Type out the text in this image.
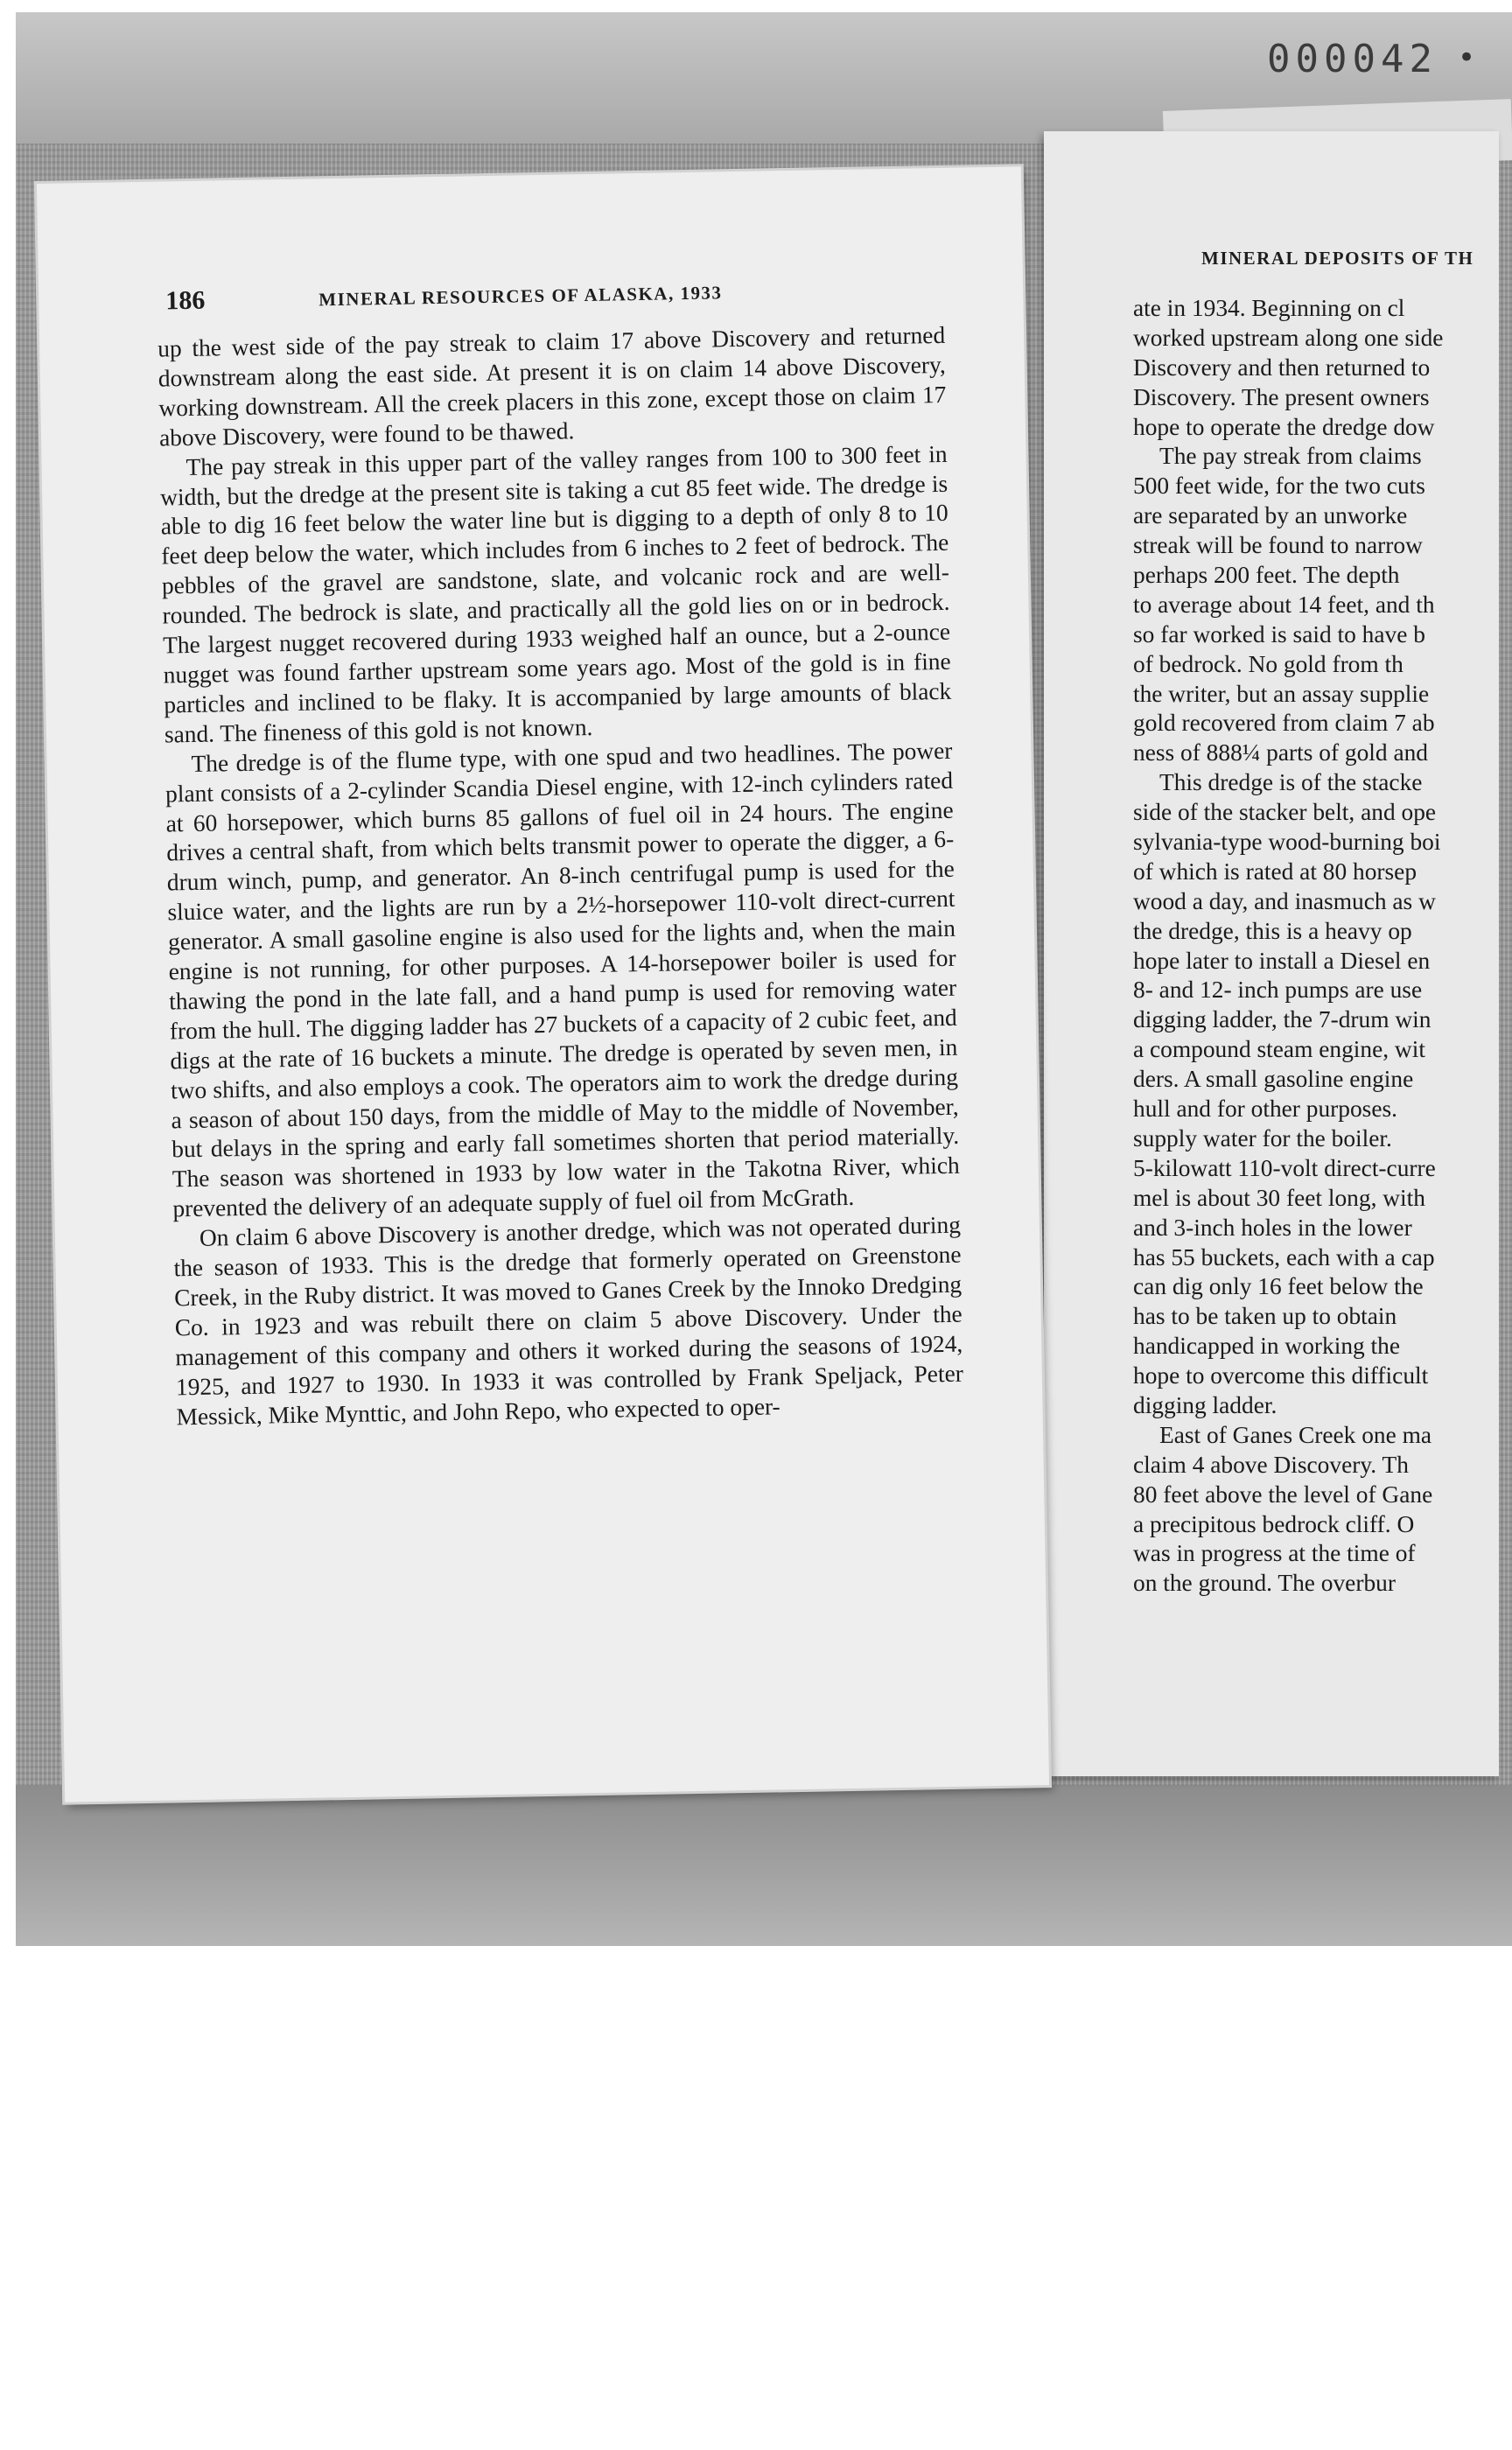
000042 •
MINERAL DEPOSITS OF TH
ate in 1934. Beginning on cl
worked upstream along one side
Discovery and then returned to
Discovery. The present owners
hope to operate the dredge dow
The pay streak from claims
500 feet wide, for the two cuts
are separated by an unworke
streak will be found to narrow
perhaps 200 feet. The depth
to average about 14 feet, and th
so far worked is said to have b
of bedrock. No gold from th
the writer, but an assay supplie
gold recovered from claim 7 ab
ness of 888¼ parts of gold and
This dredge is of the stacke
side of the stacker belt, and ope
sylvania-type wood-burning boi
of which is rated at 80 horsep
wood a day, and inasmuch as w
the dredge, this is a heavy op
hope later to install a Diesel en
8- and 12- inch pumps are use
digging ladder, the 7-drum win
a compound steam engine, wit
ders. A small gasoline engine
hull and for other purposes.
supply water for the boiler.
5-kilowatt 110-volt direct-curre
mel is about 30 feet long, with
and 3-inch holes in the lower
has 55 buckets, each with a cap
can dig only 16 feet below the
has to be taken up to obtain
handicapped in working the
hope to overcome this difficult
digging ladder.
East of Ganes Creek one ma
claim 4 above Discovery. Th
80 feet above the level of Gane
a precipitous bedrock cliff. O
was in progress at the time of
on the ground. The overbur
186	MINERAL RESOURCES OF ALASKA, 1933

up the west side of the pay streak to claim 17 above Discovery and returned downstream along the east side. At present it is on claim 14 above Discovery, working downstream. All the creek placers in this zone, except those on claim 17 above Discovery, were found to be thawed.

The pay streak in this upper part of the valley ranges from 100 to 300 feet in width, but the dredge at the present site is taking a cut 85 feet wide. The dredge is able to dig 16 feet below the water line but is digging to a depth of only 8 to 10 feet deep below the water, which includes from 6 inches to 2 feet of bedrock. The pebbles of the gravel are sandstone, slate, and volcanic rock and are well-rounded. The bedrock is slate, and practically all the gold lies on or in bedrock. The largest nugget recovered during 1933 weighed half an ounce, but a 2-ounce nugget was found farther upstream some years ago. Most of the gold is in fine particles and inclined to be flaky. It is accompanied by large amounts of black sand. The fineness of this gold is not known.

The dredge is of the flume type, with one spud and two headlines. The power plant consists of a 2-cylinder Scandia Diesel engine, with 12-inch cylinders rated at 60 horsepower, which burns 85 gallons of fuel oil in 24 hours. The engine drives a central shaft, from which belts transmit power to operate the digger, a 6-drum winch, pump, and generator. An 8-inch centrifugal pump is used for the sluice water, and the lights are run by a 2½-horsepower 110-volt direct-current generator. A small gasoline engine is also used for the lights and, when the main engine is not running, for other purposes. A 14-horsepower boiler is used for thawing the pond in the late fall, and a hand pump is used for removing water from the hull. The digging ladder has 27 buckets of a capacity of 2 cubic feet, and digs at the rate of 16 buckets a minute. The dredge is operated by seven men, in two shifts, and also employs a cook. The operators aim to work the dredge during a season of about 150 days, from the middle of May to the middle of November, but delays in the spring and early fall sometimes shorten that period materially. The season was shortened in 1933 by low water in the Takotna River, which prevented the delivery of an adequate supply of fuel oil from McGrath.

On claim 6 above Discovery is another dredge, which was not operated during the season of 1933. This is the dredge that formerly operated on Greenstone Creek, in the Ruby district. It was moved to Ganes Creek by the Innoko Dredging Co. in 1923 and was rebuilt there on claim 5 above Discovery. Under the management of this company and others it worked during the seasons of 1924, 1925, and 1927 to 1930. In 1933 it was controlled by Frank Speljack, Peter Messick, Mike Mynttic, and John Repo, who expected to oper-
